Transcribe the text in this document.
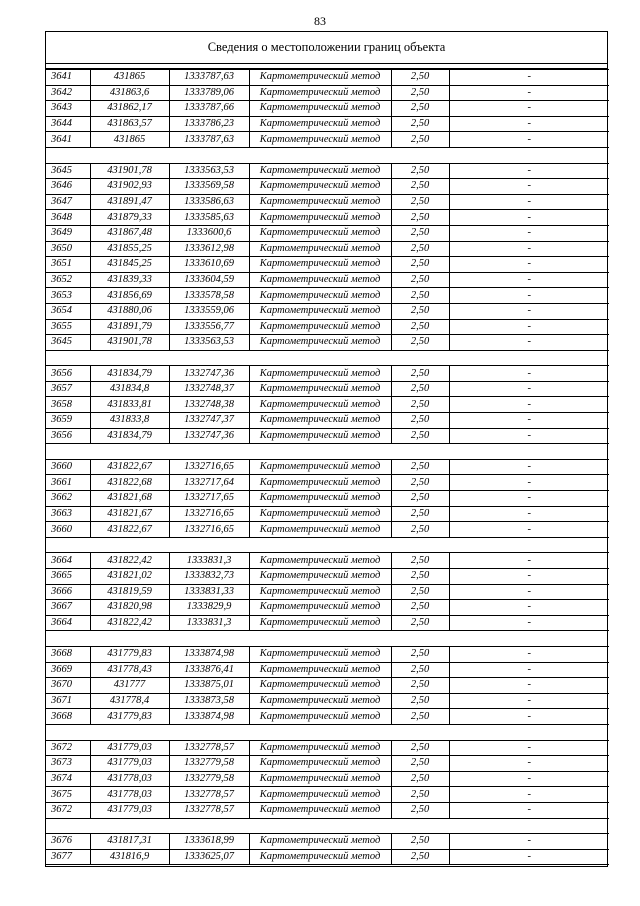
83
Сведения о местоположении границ объекта
3641	431865	1333787,63	Картометрический метод	2,50	-
3642	431863,6	1333789,06	Картометрический метод	2,50	-
3643	431862,17	1333787,66	Картометрический метод	2,50	-
3644	431863,57	1333786,23	Картометрический метод	2,50	-
3641	431865	1333787,63	Картометрический метод	2,50	-

3645	431901,78	1333563,53	Картометрический метод	2,50	-
3646	431902,93	1333569,58	Картометрический метод	2,50	-
3647	431891,47	1333586,63	Картометрический метод	2,50	-
3648	431879,33	1333585,63	Картометрический метод	2,50	-
3649	431867,48	1333600,6	Картометрический метод	2,50	-
3650	431855,25	1333612,98	Картометрический метод	2,50	-
3651	431845,25	1333610,69	Картометрический метод	2,50	-
3652	431839,33	1333604,59	Картометрический метод	2,50	-
3653	431856,69	1333578,58	Картометрический метод	2,50	-
3654	431880,06	1333559,06	Картометрический метод	2,50	-
3655	431891,79	1333556,77	Картометрический метод	2,50	-
3645	431901,78	1333563,53	Картометрический метод	2,50	-

3656	431834,79	1332747,36	Картометрический метод	2,50	-
3657	431834,8	1332748,37	Картометрический метод	2,50	-
3658	431833,81	1332748,38	Картометрический метод	2,50	-
3659	431833,8	1332747,37	Картометрический метод	2,50	-
3656	431834,79	1332747,36	Картометрический метод	2,50	-

3660	431822,67	1332716,65	Картометрический метод	2,50	-
3661	431822,68	1332717,64	Картометрический метод	2,50	-
3662	431821,68	1332717,65	Картометрический метод	2,50	-
3663	431821,67	1332716,65	Картометрический метод	2,50	-
3660	431822,67	1332716,65	Картометрический метод	2,50	-

3664	431822,42	1333831,3	Картометрический метод	2,50	-
3665	431821,02	1333832,73	Картометрический метод	2,50	-
3666	431819,59	1333831,33	Картометрический метод	2,50	-
3667	431820,98	1333829,9	Картометрический метод	2,50	-
3664	431822,42	1333831,3	Картометрический метод	2,50	-

3668	431779,83	1333874,98	Картометрический метод	2,50	-
3669	431778,43	1333876,41	Картометрический метод	2,50	-
3670	431777	1333875,01	Картометрический метод	2,50	-
3671	431778,4	1333873,58	Картометрический метод	2,50	-
3668	431779,83	1333874,98	Картометрический метод	2,50	-

3672	431779,03	1332778,57	Картометрический метод	2,50	-
3673	431779,03	1332779,58	Картометрический метод	2,50	-
3674	431778,03	1332779,58	Картометрический метод	2,50	-
3675	431778,03	1332778,57	Картометрический метод	2,50	-
3672	431779,03	1332778,57	Картометрический метод	2,50	-

3676	431817,31	1333618,99	Картометрический метод	2,50	-
3677	431816,9	1333625,07	Картометрический метод	2,50	-
